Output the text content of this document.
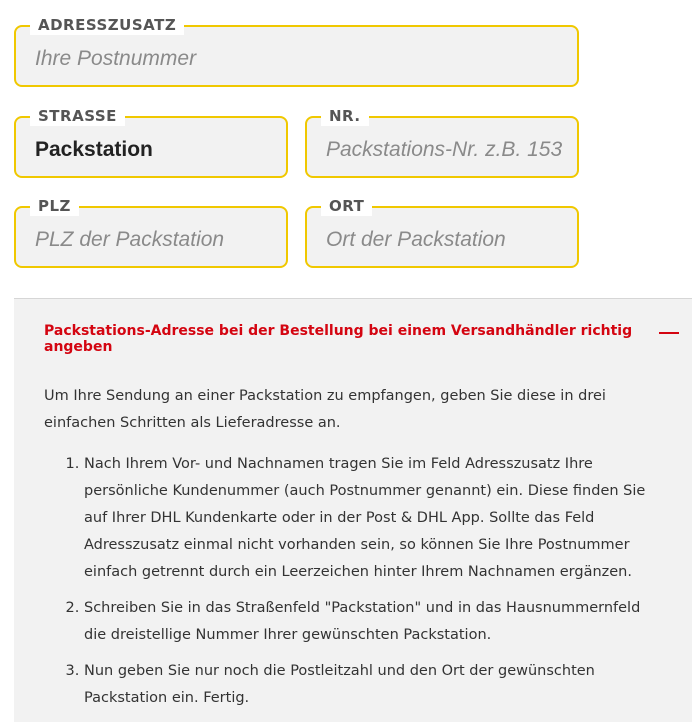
ADRESSZUSATZ
Ihre Postnummer
STRASSE
Packstation
NR.
Packstations-Nr. z.B. 153
PLZ
PLZ der Packstation
ORT
Ort der Packstation
Packstations-Adresse bei der Bestellung bei einem Versandhändler richtig angeben

Um Ihre Sendung an einer Packstation zu empfangen, geben Sie diese in drei einfachen Schritten als Lieferadresse an.

1. Nach Ihrem Vor- und Nachnamen tragen Sie im Feld Adresszusatz Ihre persönliche Kundenummer (auch Postnummer genannt) ein. Diese finden Sie auf Ihrer DHL Kundenkarte oder in der Post & DHL App. Sollte das Feld Adresszusatz einmal nicht vorhanden sein, so können Sie Ihre Postnummer einfach getrennt durch ein Leerzeichen hinter Ihrem Nachnamen ergänzen.
2. Schreiben Sie in das Straßenfeld "Packstation" und in das Hausnummernfeld die dreistellige Nummer Ihrer gewünschten Packstation.
3. Nun geben Sie nur noch die Postleitzahl und den Ort der gewünschten Packstation ein. Fertig.
